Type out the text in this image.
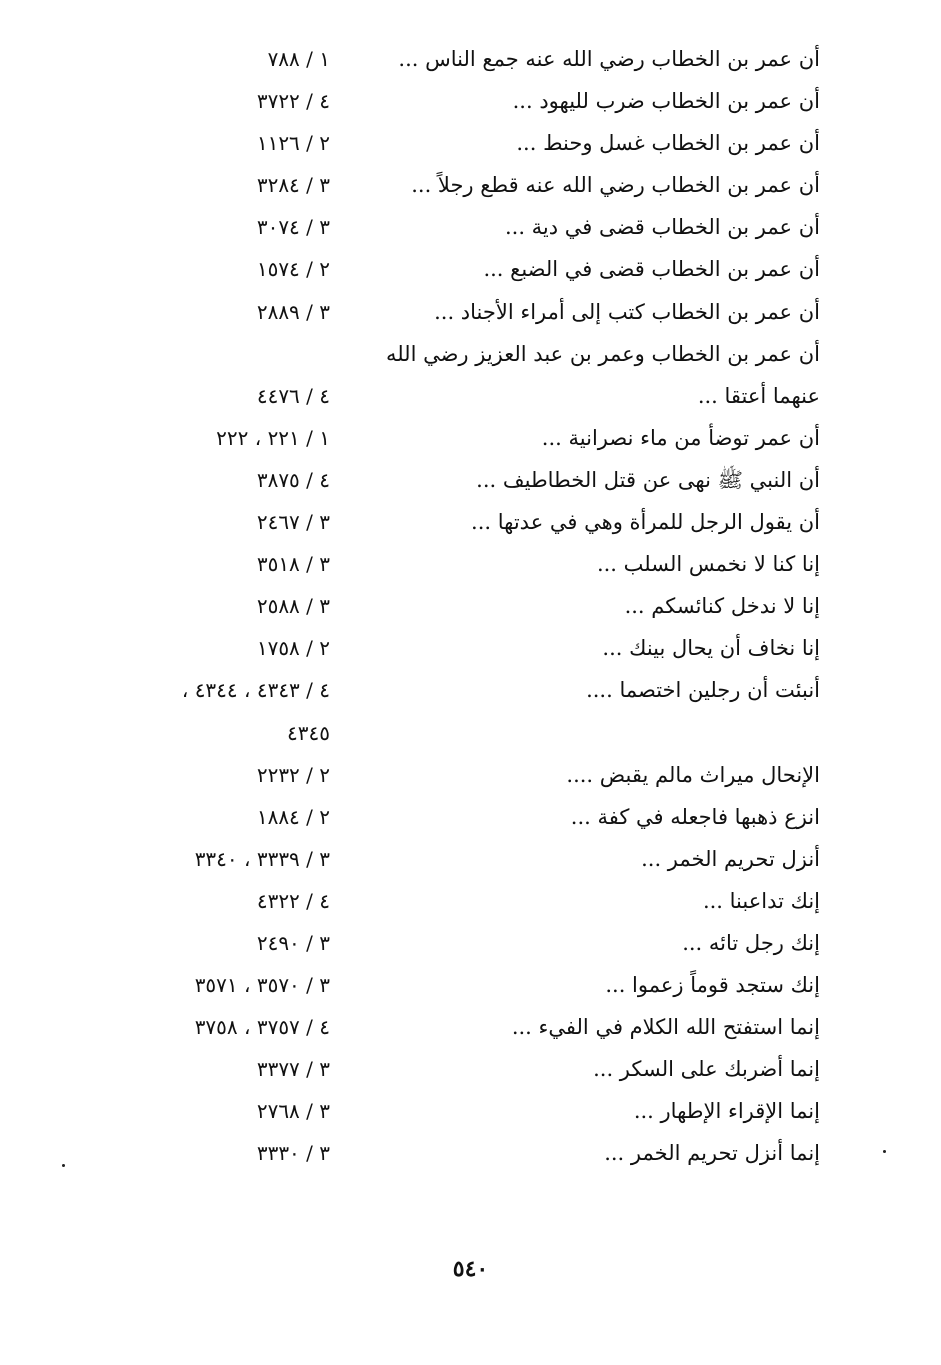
أن عمر بن الخطاب رضي الله عنه جمع الناس ...
١ / ٧٨٨
أن عمر بن الخطاب ضرب لليهود ...
٤ / ٣٧٢٢
أن عمر بن الخطاب غسل وحنط ...
٢ / ١١٢٦
أن عمر بن الخطاب رضي الله عنه قطع رجلاً ...
٣ / ٣٢٨٤
أن عمر بن الخطاب قضى في دية ...
٣ / ٣٠٧٤
أن عمر بن الخطاب قضى في الضبع ...
٢ / ١٥٧٤
أن عمر بن الخطاب كتب إلى أمراء الأجناد ...
٣ / ٢٨٨٩
أن عمر بن الخطاب وعمر بن عبد العزيز رضي الله
عنهما أعتقا ...
٤ / ٤٤٧٦
أن عمر توضأ من ماء نصرانية ...
١ / ٢٢١ ، ٢٢٢
أن النبي ﷺ نهى عن قتل الخطاطيف ...
٤ / ٣٨٧٥
أن يقول الرجل للمرأة وهي في عدتها ...
٣ / ٢٤٦٧
إنا كنا لا نخمس السلب ...
٣ / ٣٥١٨
إنا لا ندخل كنائسكم ...
٣ / ٢٥٨٨
إنا نخاف أن يحال بينك ...
٢ / ١٧٥٨
أنبئت أن رجلين اختصما ....
٤ / ٤٣٤٣ ، ٤٣٤٤ ،
٤٣٤٥
الإنحال ميراث مالم يقبض ....
٢ / ٢٢٣٢
انزع ذهبها فاجعله في كفة ...
٢ / ١٨٨٤
أنزل تحريم الخمر ...
٣ / ٣٣٣٩ ، ٣٣٤٠
إنك تداعبنا ...
٤ / ٤٣٢٢
إنك رجل تائه ...
٣ / ٢٤٩٠
إنك ستجد قوماً زعموا ...
٣ / ٣٥٧٠ ، ٣٥٧١
إنما استفتح الله الكلام في الفيء ...
٤ / ٣٧٥٧ ، ٣٧٥٨
إنما أضربك على السكر ...
٣ / ٣٣٧٧
إنما الإقراء الإطهار ...
٣ / ٢٧٦٨
إنما أنزل تحريم الخمر ...
٣ / ٣٣٣٠
٥٤٠
